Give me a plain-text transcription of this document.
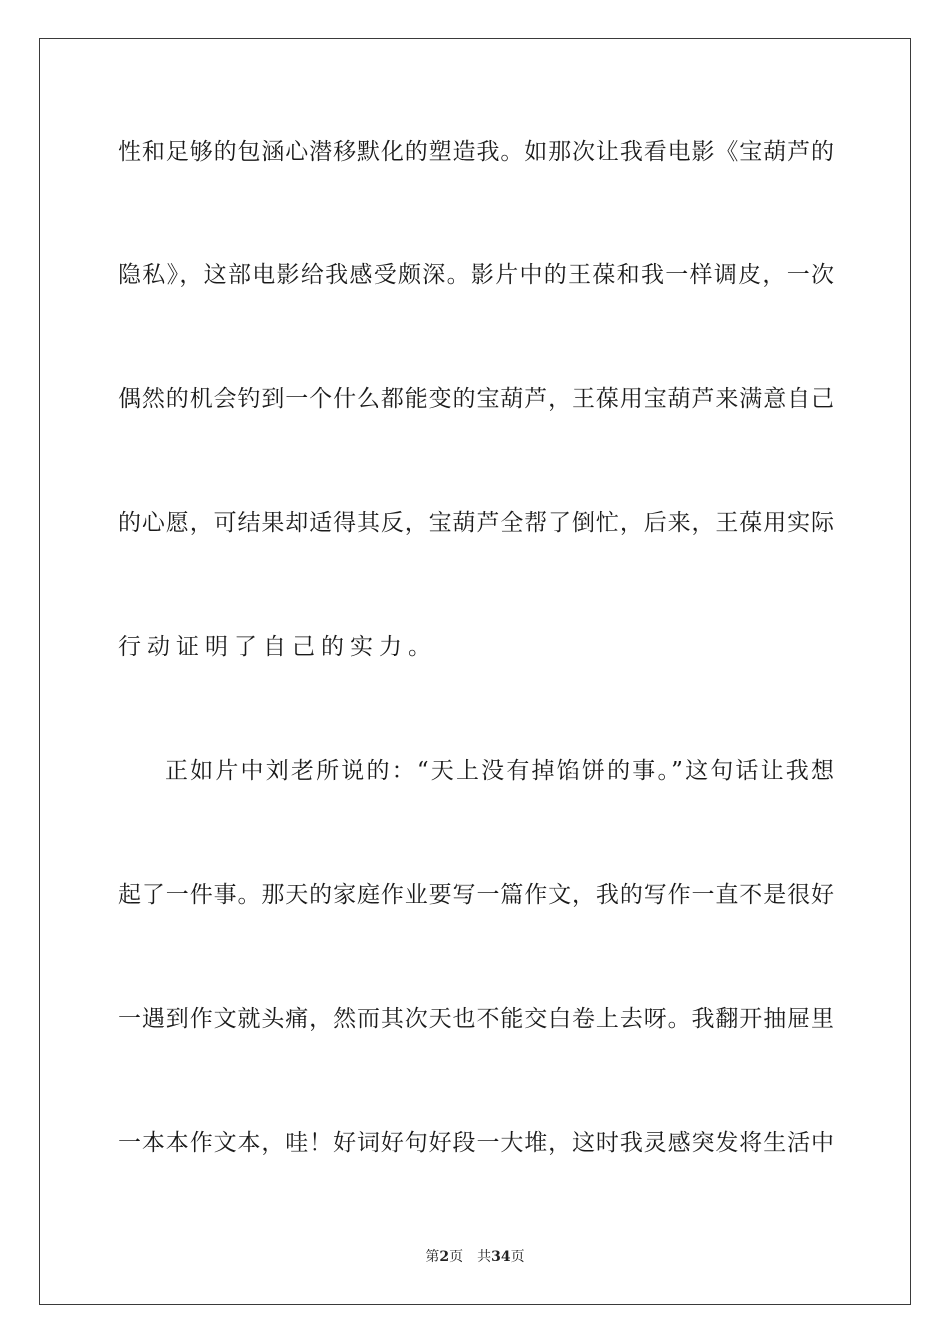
性和足够的包涵心潜移默化的塑造我。如那次让我看电影《宝葫芦的
隐私》，这部电影给我感受颇深。影片中的王葆和我一样调皮，一次
偶然的机会钓到一个什么都能变的宝葫芦，王葆用宝葫芦来满意自己
的心愿，可结果却适得其反，宝葫芦全帮了倒忙，后来，王葆用实际
行动证明了自己的实力。
正如片中刘老所说的：“天上没有掉馅饼的事。”这句话让我想
起了一件事。那天的家庭作业要写一篇作文，我的写作一直不是很好
一遇到作文就头痛，然而其次天也不能交白卷上去呀。我翻开抽屉里
一本本作文本，哇！好词好句好段一大堆，这时我灵感突发将生活中
第2页 共34页
